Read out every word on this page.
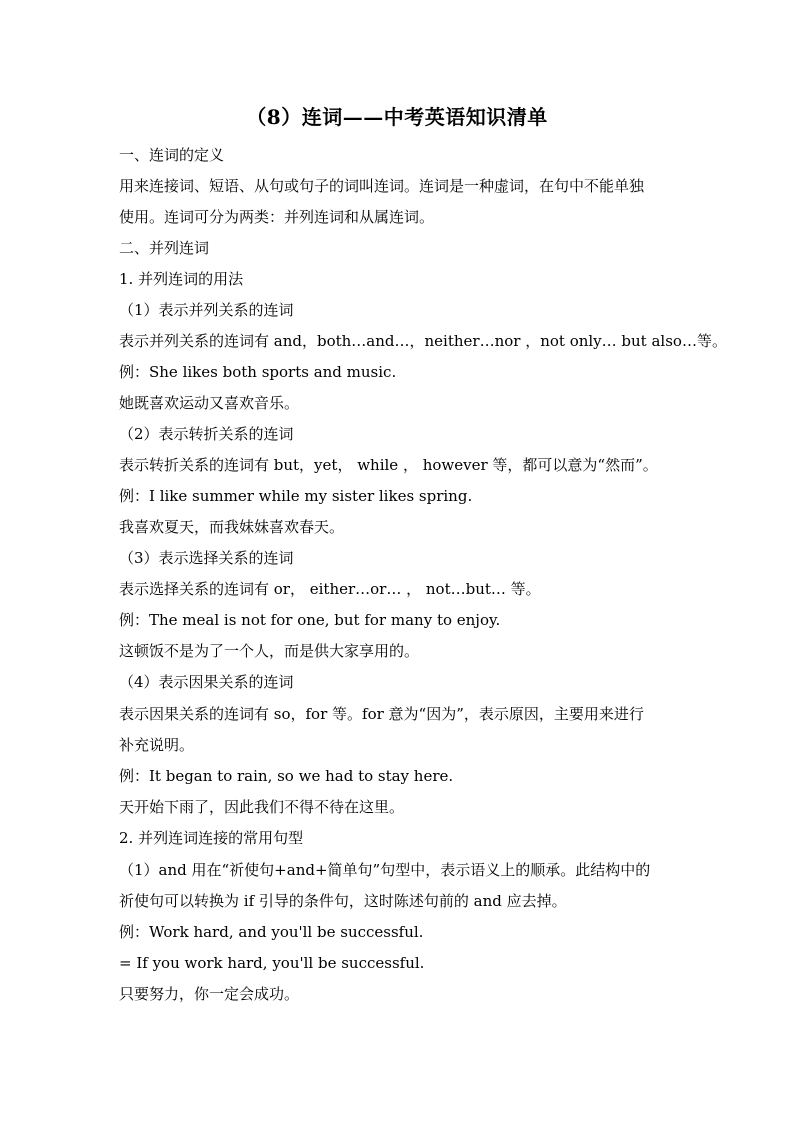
（8）连词——中考英语知识清单
一、连词的定义
用来连接词、短语、从句或句子的词叫连词。连词是一种虚词，在句中不能单独
使用。连词可分为两类：并列连词和从属连词。
二、并列连词
1. 并列连词的用法
（1）表示并列关系的连词
表示并列关系的连词有 and，both…and…，neither…nor ，not only… but also…等。
例：She likes both sports and music.
她既喜欢运动又喜欢音乐。
（2）表示转折关系的连词
表示转折关系的连词有 but，yet， while ， however 等，都可以意为“然而”。
例：I like summer while my sister likes spring.
我喜欢夏天，而我妹妹喜欢春天。
（3）表示选择关系的连词
表示选择关系的连词有 or， either…or… ， not…but… 等。
例：The meal is not for one, but for many to enjoy.
这顿饭不是为了一个人，而是供大家享用的。
（4）表示因果关系的连词
表示因果关系的连词有 so，for 等。for 意为“因为”，表示原因，主要用来进行
补充说明。
例：It began to rain, so we had to stay here.
天开始下雨了，因此我们不得不待在这里。
2. 并列连词连接的常用句型
（1）and 用在“祈使句+and+简单句”句型中，表示语义上的顺承。此结构中的
祈使句可以转换为 if 引导的条件句，这时陈述句前的 and 应去掉。
例：Work hard, and you'll be successful.
= If you work hard, you'll be successful.
只要努力，你一定会成功。
